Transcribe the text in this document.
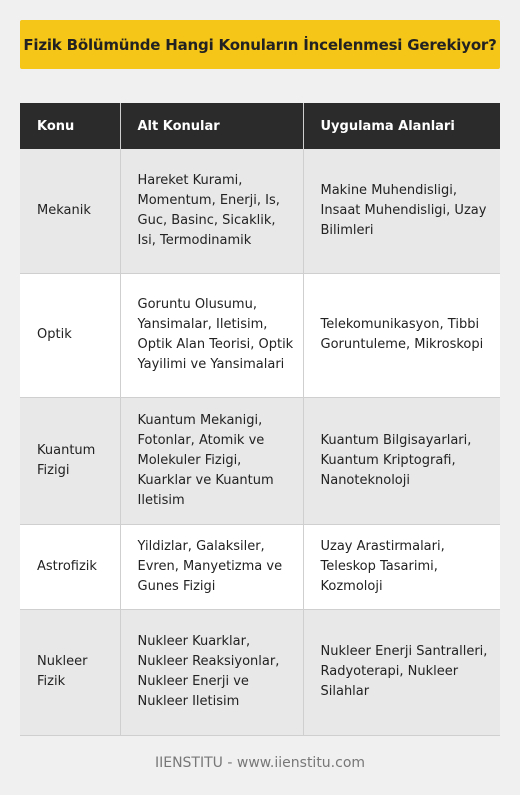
Fizik Bölümünde Hangi Konuların İncelenmesi Gerekiyor?
Konu	Alt Konular	Uygulama Alanlari
Mekanik	Hareket Kurami, Momentum, Enerji, Is, Guc, Basinc, Sicaklik, Isi, Termodinamik	Makine Muhendisligi, Insaat Muhendisligi, Uzay Bilimleri
Optik	Goruntu Olusumu, Yansimalar, Iletisim, Optik Alan Teorisi, Optik Yayilimi ve Yansimalari	Telekomunikasyon, Tibbi Goruntuleme, Mikroskopi
Kuantum Fizigi	Kuantum Mekanigi, Fotonlar, Atomik ve Molekuler Fizigi, Kuarklar ve Kuantum Iletisim	Kuantum Bilgisayarlari, Kuantum Kriptografi, Nanoteknoloji
Astrofizik	Yildizlar, Galaksiler, Evren, Manyetizma ve Gunes Fizigi	Uzay Arastirmalari, Teleskop Tasarimi, Kozmoloji
Nukleer Fizik	Nukleer Kuarklar, Nukleer Reaksiyonlar, Nukleer Enerji ve Nukleer Iletisim	Nukleer Enerji Santralleri, Radyoterapi, Nukleer Silahlar
IIENSTITU - www.iienstitu.com
